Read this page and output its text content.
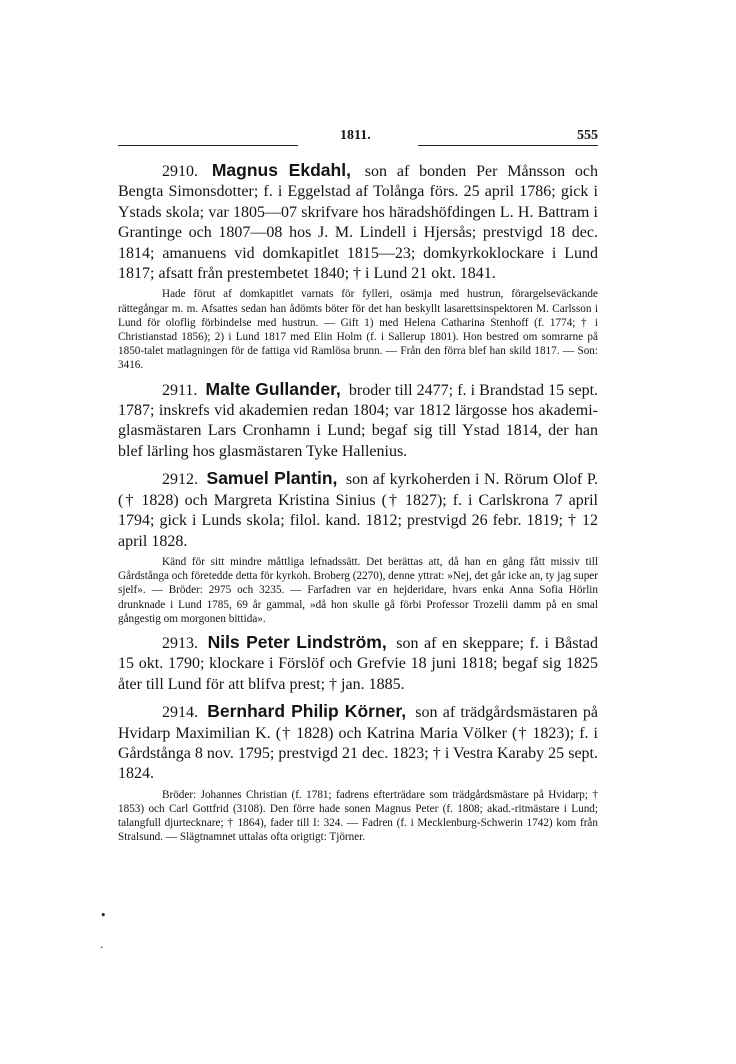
1811.	555

2910. Magnus Ekdahl, son af bonden Per Månsson och Bengta Simonsdotter; f. i Eggelstad af Tolånga förs. 25 april 1786; gick i Ystads skola; var 1805—07 skrifvare hos häradshöfdingen L. H. Battram i Grantinge och 1807—08 hos J. M. Lindell i Hjersås; prestvigd 18 dec. 1814; amanuens vid domkapitlet 1815—23; domkyrkoklockare i Lund 1817; afsatt från prestembetet 1840; † i Lund 21 okt. 1841.

Hade förut af domkapitlet varnats för fylleri, osämja med hustrun, förargelseväckande rättegångar m. m. Afsattes sedan han ådömts böter för det han beskyllt lasarettsinspektoren M. Carlsson i Lund för oloflig förbindelse med hustrun. — Gift 1) med Helena Catharina Stenhoff (f. 1774; † i Christianstad 1856); 2) i Lund 1817 med Elin Holm (f. i Sallerup 1801). Hon bestred om somrarne på 1850-talet matlagningen för de fattiga vid Ramlösa brunn. — Från den förra blef han skild 1817. — Son: 3416.

2911. Malte Gullander, broder till 2477; f. i Brandstad 15 sept. 1787; inskrefs vid akademien redan 1804; var 1812 lärgosse hos akademi-glasmästaren Lars Cronhamn i Lund; begaf sig till Ystad 1814, der han blef lärling hos glasmästaren Tyke Hallenius.

2912. Samuel Plantin, son af kyrkoherden i N. Rörum Olof P. († 1828) och Margreta Kristina Sinius († 1827); f. i Carlskrona 7 april 1794; gick i Lunds skola; filol. kand. 1812; prestvigd 26 febr. 1819; † 12 april 1828.

Känd för sitt mindre måttliga lefnadssätt. Det berättas att, då han en gång fått missiv till Gårdstånga och företedde detta för kyrkoh. Broberg (2270), denne yttrat: »Nej, det går icke an, ty jag super sjelf». — Bröder: 2975 och 3235. — Farfadren var en hejderidare, hvars enka Anna Sofia Hörlin drunknade i Lund 1785, 69 år gammal, »då hon skulle gå förbi Professor Trozelii damm på en smal gångestig om morgonen bittida».

2913. Nils Peter Lindström, son af en skeppare; f. i Båstad 15 okt. 1790; klockare i Förslöf och Grefvie 18 juni 1818; begaf sig 1825 åter till Lund för att blifva prest; † jan. 1885.

2914. Bernhard Philip Körner, son af trädgårdsmästaren på Hvidarp Maximilian K. († 1828) och Katrina Maria Völker († 1823); f. i Gårdstånga 8 nov. 1795; prestvigd 21 dec. 1823; † i Vestra Karaby 25 sept. 1824.

Bröder: Johannes Christian (f. 1781; fadrens efterträdare som trädgårdsmästare på Hvidarp; † 1853) och Carl Gottfrid (3108). Den förre hade sonen Magnus Peter (f. 1808; akad.-ritmästare i Lund; talangfull djurtecknare; † 1864), fader till I: 324. — Fadren (f. i Mecklenburg-Schwerin 1742) kom från Stralsund. — Slägtnamnet uttalas ofta origtigt: Tjörner.

•
.
